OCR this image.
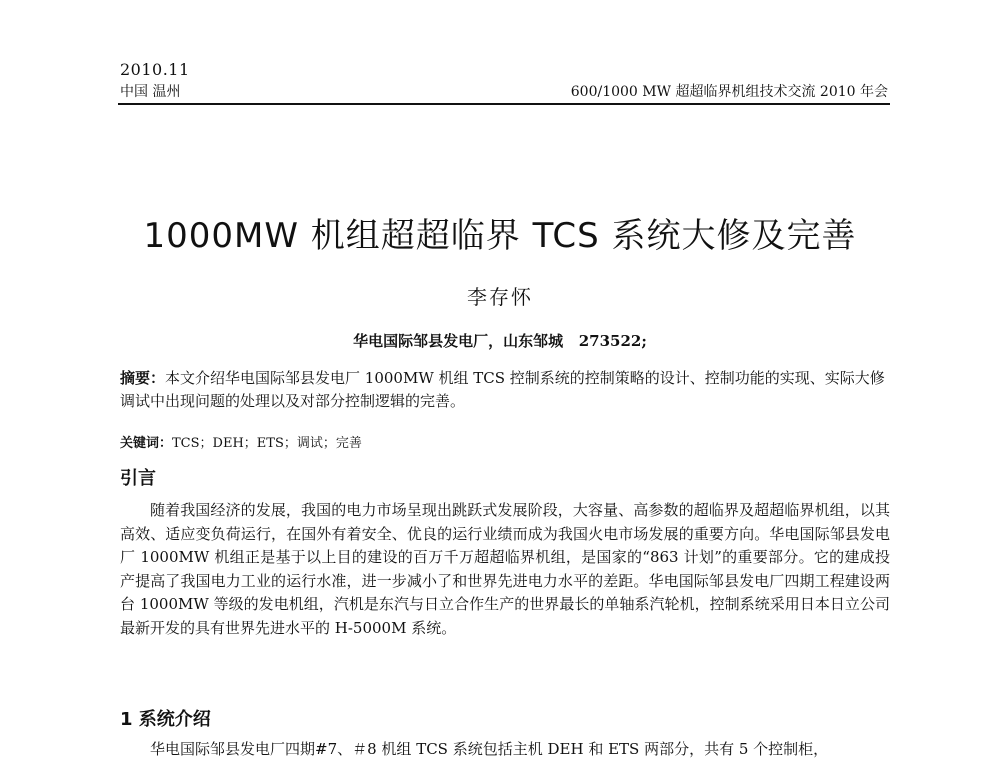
2010.11
中国 温州	600/1000 MW 超超临界机组技术交流 2010 年会
1000MW 机组超超临界 TCS 系统大修及完善
李存怀
华电国际邹县发电厂，山东邹城   273522;
摘要：本文介绍华电国际邹县发电厂 1000MW 机组 TCS 控制系统的控制策略的设计、控制功能的实现、实际大修调试中出现问题的处理以及对部分控制逻辑的完善。
关键词：TCS；DEH；ETS；调试；完善
引言
随着我国经济的发展，我国的电力市场呈现出跳跃式发展阶段，大容量、高参数的超临界及超超临界机组，以其高效、适应变负荷运行，在国外有着安全、优良的运行业绩而成为我国火电市场发展的重要方向。华电国际邹县发电厂 1000MW 机组正是基于以上目的建设的百万千万超超临界机组，是国家的“863 计划”的重要部分。它的建成投产提高了我国电力工业的运行水准，进一步减小了和世界先进电力水平的差距。华电国际邹县发电厂四期工程建设两台 1000MW 等级的发电机组，汽机是东汽与日立合作生产的世界最长的单轴系汽轮机，控制系统采用日本日立公司最新开发的具有世界先进水平的 H-5000M 系统。
1 系统介绍
华电国际邹县发电厂四期#7、＃8 机组 TCS 系统包括主机 DEH 和 ETS 两部分，共有 5 个控制柜，
